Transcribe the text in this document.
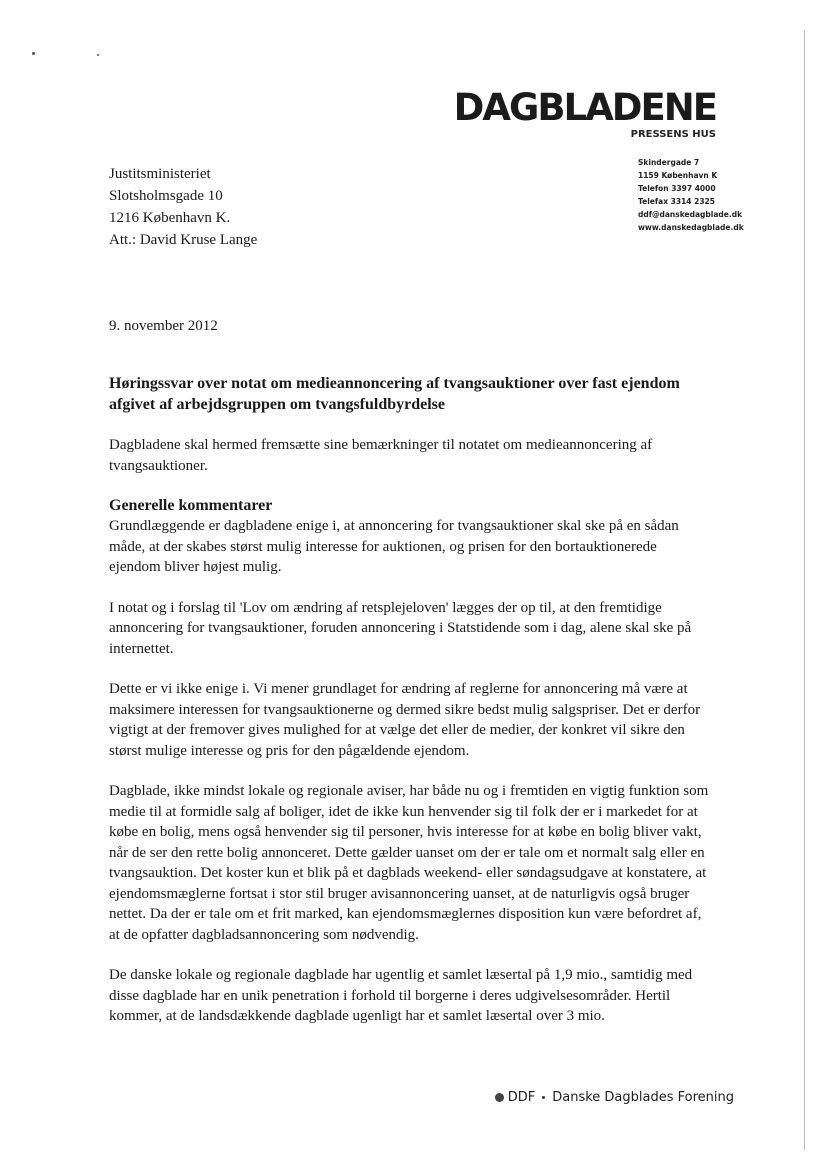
DAGBLADENE
PRESSENS HUS
Skindergade 7
1159 København K
Telefon 3397 4000
Telefax 3314 2325
ddf@danskedagblade.dk
www.danskedagblade.dk
Justitsministeriet
Slotsholmsgade 10
1216 København K.
Att.: David Kruse Lange
9. november 2012

Høringssvar over notat om medieannoncering af tvangsauktioner over fast ejendom afgivet af arbejdsgruppen om tvangsfuldbyrdelse

Dagbladene skal hermed fremsætte sine bemærkninger til notatet om medieannoncering af tvangsauktioner.

Generelle kommentarer

Grundlæggende er dagbladene enige i, at annoncering for tvangsauktioner skal ske på en sådan måde, at der skabes størst mulig interesse for auktionen, og prisen for den bortauktionerede ejendom bliver højest mulig.

I notat og i forslag til 'Lov om ændring af retsplejeloven' lægges der op til, at den fremtidige annoncering for tvangsauktioner, foruden annoncering i Statstidende som i dag, alene skal ske på internettet.

Dette er vi ikke enige i. Vi mener grundlaget for ændring af reglerne for annoncering må være at maksimere interessen for tvangsauktionerne og dermed sikre bedst mulig salgspriser. Det er derfor vigtigt at der fremover gives mulighed for at vælge det eller de medier, der konkret vil sikre den størst mulige interesse og pris for den pågældende ejendom.

Dagblade, ikke mindst lokale og regionale aviser, har både nu og i fremtiden en vigtig funktion som medie til at formidle salg af boliger, idet de ikke kun henvender sig til folk der er i markedet for at købe en bolig, mens også henvender sig til personer, hvis interesse for at købe en bolig bliver vakt, når de ser den rette bolig annonceret. Dette gælder uanset om der er tale om et normalt salg eller en tvangsauktion. Det koster kun et blik på et dagblads weekend- eller søndagsudgave at konstatere, at ejendomsmæglerne fortsat i stor stil bruger avisannoncering uanset, at de naturligvis også bruger nettet. Da der er tale om et frit marked, kan ejendomsmæglernes disposition kun være befordret af, at de opfatter dagbladsannoncering som nødvendig.

De danske lokale og regionale dagblade har ugentlig et samlet læsertal på 1,9 mio., samtidig med disse dagblade har en unik penetration i forhold til borgerne i deres udgivelsesområder. Hertil kommer, at de landsdækkende dagblade ugenligt har et samlet læsertal over 3 mio.

DDF Danske Dagblades Forening
